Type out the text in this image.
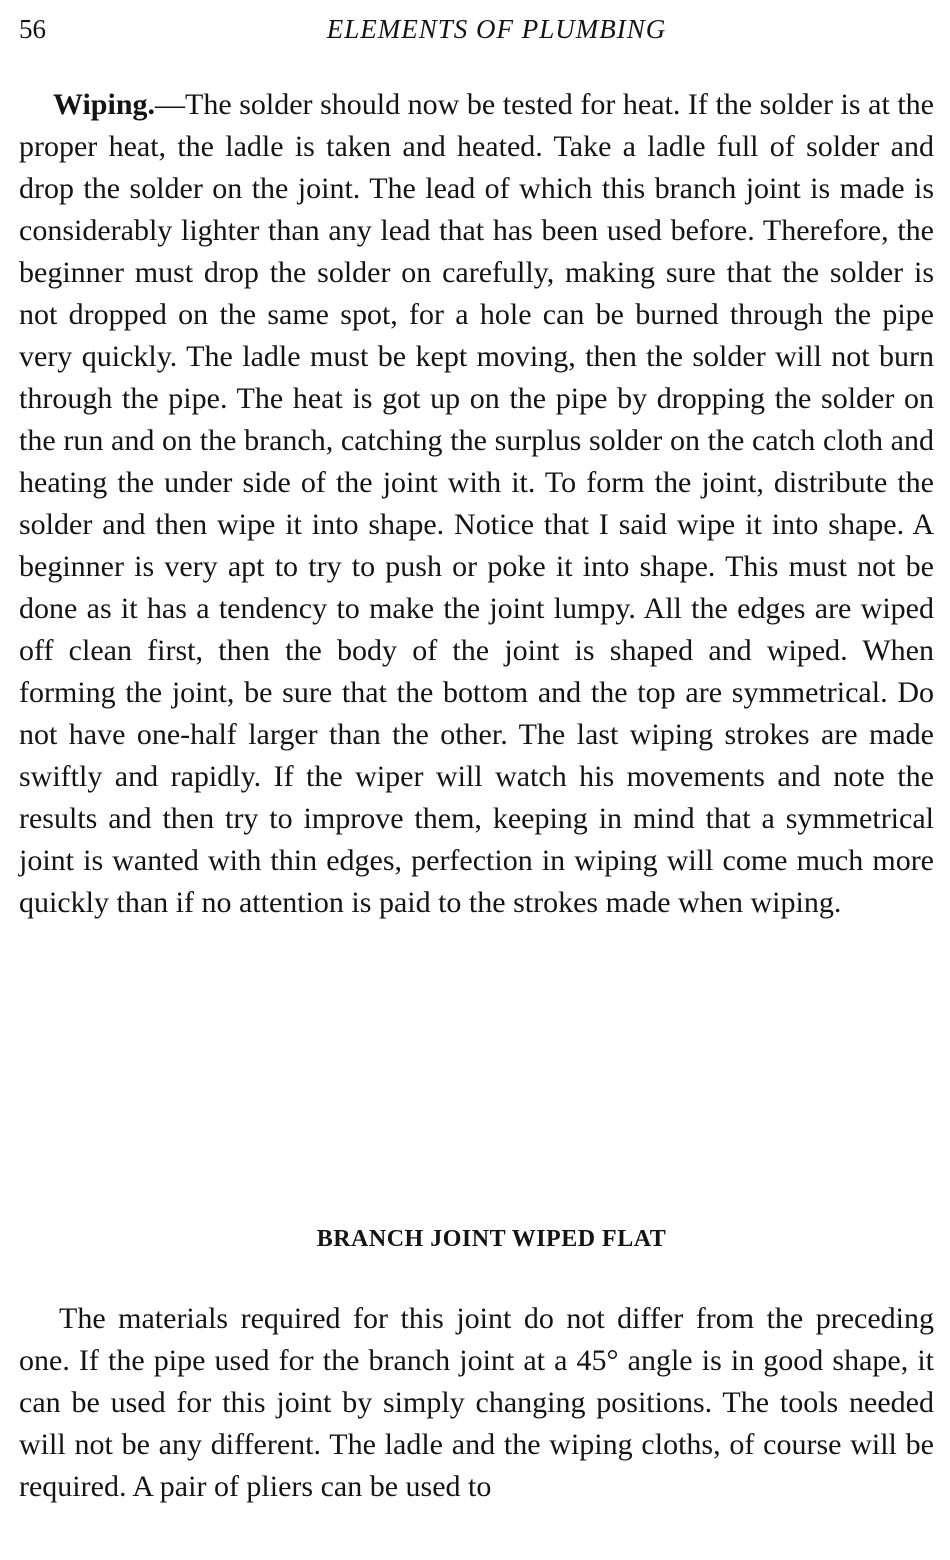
56	ELEMENTS OF PLUMBING

Wiping.—The solder should now be tested for heat. If the solder is at the proper heat, the ladle is taken and heated. Take a ladle full of solder and drop the solder on the joint. The lead of which this branch joint is made is considerably lighter than any lead that has been used before. Therefore, the beginner must drop the solder on carefully, making sure that the solder is not dropped on the same spot, for a hole can be burned through the pipe very quickly. The ladle must be kept moving, then the solder will not burn through the pipe. The heat is got up on the pipe by dropping the solder on the run and on the branch, catching the surplus solder on the catch cloth and heating the under side of the joint with it. To form the joint, distribute the solder and then wipe it into shape. Notice that I said wipe it into shape. A beginner is very apt to try to push or poke it into shape. This must not be done as it has a tendency to make the joint lumpy. All the edges are wiped off clean first, then the body of the joint is shaped and wiped. When forming the joint, be sure that the bottom and the top are symmetrical. Do not have one-half larger than the other. The last wiping strokes are made swiftly and rapidly. If the wiper will watch his movements and note the results and then try to improve them, keeping in mind that a symmetrical joint is wanted with thin edges, perfection in wiping will come much more quickly than if no attention is paid to the strokes made when wiping.

BRANCH JOINT WIPED FLAT

The materials required for this joint do not differ from the preceding one. If the pipe used for the branch joint at a 45° angle is in good shape, it can be used for this joint by simply changing positions. The tools needed will not be any different. The ladle and the wiping cloths, of course will be required. A pair of pliers can be used to
